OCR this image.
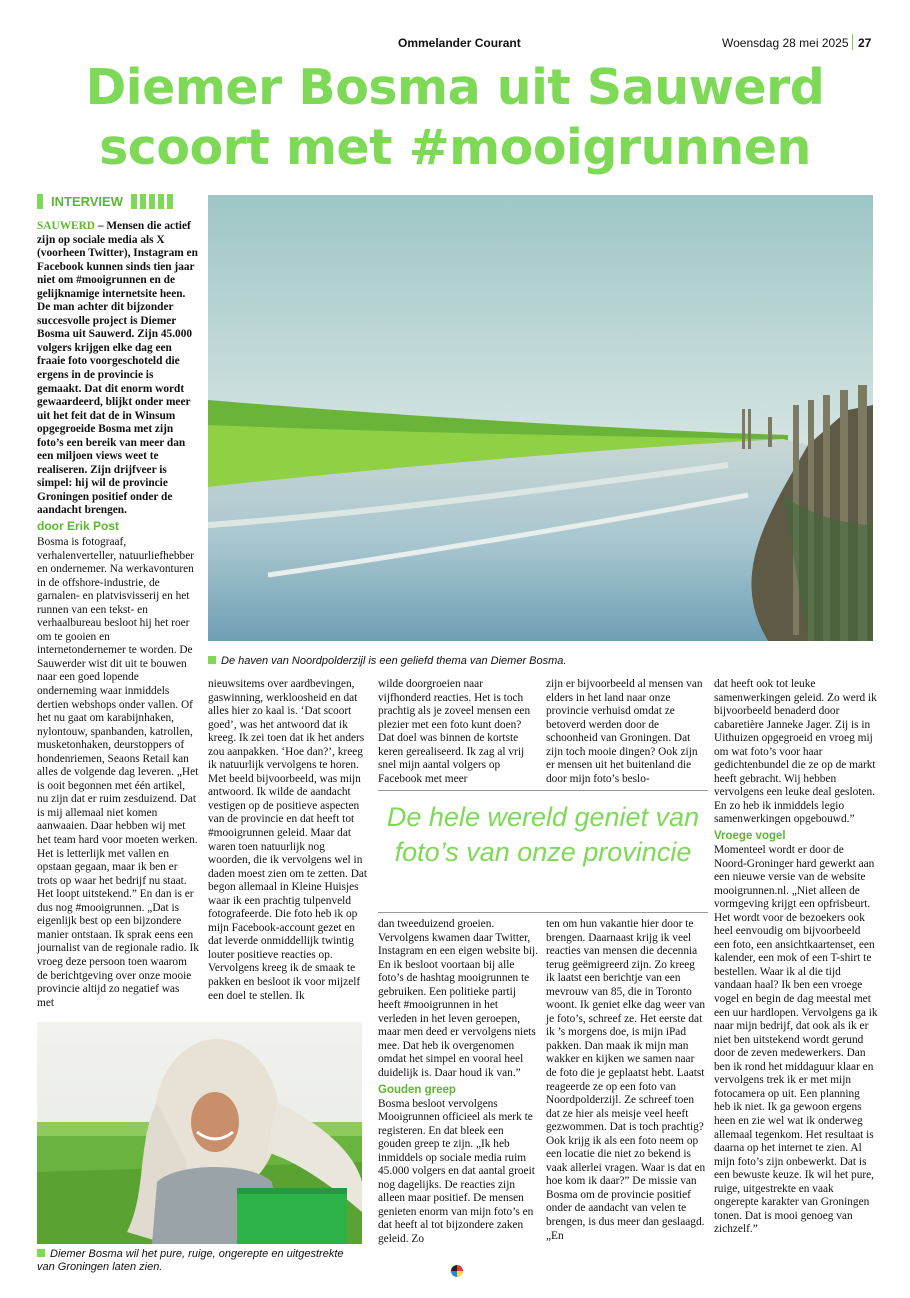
Ommelander Courant	Woensdag 28 mei 2025 27
Diemer Bosma uit Sauwerd
scoort met #mooigrunnen
INTERVIEW
SAUWERD – Mensen die actief zijn op sociale media als X (voorheen Twitter), Instagram en Facebook kunnen sinds tien jaar niet om #mooigrunnen en de gelijknamige internetsite heen. De man achter dit bijzonder succesvolle project is Diemer Bosma uit Sauwerd. Zijn 45.000 volgers krijgen elke dag een fraaie foto voorgeschoteld die ergens in de provincie is gemaakt. Dat dit enorm wordt gewaardeerd, blijkt onder meer uit het feit dat de in Winsum opgegroeide Bosma met zijn foto’s een bereik van meer dan een miljoen views weet te realiseren. Zijn drijfveer is simpel: hij wil de provincie Groningen positief onder de aandacht brengen.
door Erik Post

Bosma is fotograaf, verhalenverteller, natuurliefhebber en ondernemer. Na werkavonturen in de offshore-industrie, de garnalen- en platvisvisserij en het runnen van een tekst- en verhaalbureau besloot hij het roer om te gooien en internetondernemer te worden. De Sauwerder wist dit uit te bouwen naar een goed lopende onderneming waar inmiddels dertien webshops onder vallen. Of het nu gaat om karabijnhaken, nylontouw, spanbanden, katrollen, musketonhaken, deurstoppers of hondenriemen, Seaons Retail kan alles de volgende dag leveren. „Het is ooit begonnen met één artikel, nu zijn dat er ruim zesduizend. Dat is mij allemaal niet komen aanwaaien. Daar hebben wij met het team hard voor moeten werken. Het is letterlijk met vallen en opstaan gegaan, maar ik ben er trots op waar het bedrijf nu staat. Het loopt uitstekend.” En dan is er dus nog #mooigrunnen. „Dat is eigenlijk best op een bijzondere manier ontstaan. Ik sprak eens een journalist van de regionale radio. Ik vroeg deze persoon toen waarom de berichtgeving over onze mooie provincie altijd zo negatief was met

De haven van Noordpolderzijl is een geliefd thema van Diemer Bosma.

nieuwsitems over aardbevingen, gaswinning, werkloosheid en dat alles hier zo kaal is. ‘Dat scoort goed’, was het antwoord dat ik kreeg. Ik zei toen dat ik het anders zou aanpakken. ‘Hoe dan?’, kreeg ik natuurlijk vervolgens te horen. Met beeld bijvoorbeeld, was mijn antwoord. Ik wilde de aandacht vestigen op de positieve aspecten van de provincie en dat heeft tot #mooigrunnen geleid. Maar dat waren toen natuurlijk nog woorden, die ik vervolgens wel in daden moest zien om te zetten. Dat begon allemaal in Kleine Huisjes waar ik een prachtig tulpenveld fotografeerde. Die foto heb ik op mijn Facebook-account gezet en dat leverde onmiddellijk twintig louter positieve reacties op. Vervolgens kreeg ik de smaak te pakken en besloot ik voor mijzelf een doel te stellen. Ik

wilde doorgroeien naar vijfhonderd reacties. Het is toch prachtig als je zoveel mensen een plezier met een foto kunt doen? Dat doel was binnen de kortste keren gerealiseerd. Ik zag al vrij snel mijn aantal volgers op Facebook met meer

zijn er bijvoorbeeld al mensen van elders in het land naar onze provincie verhuisd omdat ze betoverd werden door de schoonheid van Groningen. Dat zijn toch mooie dingen? Ook zijn er mensen uit het buitenland die door mijn foto’s beslo-

De hele wereld geniet van foto’s van onze provincie

dan tweeduizend groeien. Vervolgens kwamen daar Twitter, Instagram en een eigen website bij. En ik besloot voortaan bij alle foto’s de hashtag mooigrunnen te gebruiken. Een politieke partij heeft #mooigrunnen in het verleden in het leven geroepen, maar men deed er vervolgens niets mee. Dat heb ik overgenomen omdat het simpel en vooral heel duidelijk is. Daar houd ik van.”

Gouden greep

Bosma besloot vervolgens Mooigrunnen officieel als merk te registeren. En dat bleek een gouden greep te zijn. „Ik heb inmiddels op sociale media ruim 45.000 volgers en dat aantal groeit nog dagelijks. De reacties zijn alleen maar positief. De mensen genieten enorm van mijn foto’s en dat heeft al tot bijzondere zaken geleid. Zo

ten om hun vakantie hier door te brengen. Daarnaast krijg ik veel reacties van mensen die decennia terug geëmigreerd zijn. Zo kreeg ik laatst een berichtje van een mevrouw van 85, die in Toronto woont. Ik geniet elke dag weer van je foto’s, schreef ze. Het eerste dat ik ’s morgens doe, is mijn iPad pakken. Dan maak ik mijn man wakker en kijken we samen naar de foto die je geplaatst hebt. Laatst reageerde ze op een foto van Noordpolderzijl. Ze schreef toen dat ze hier als meisje veel heeft gezwommen. Dat is toch prachtig? Ook krijg ik als een foto neem op een locatie die niet zo bekend is vaak allerlei vragen. Waar is dat en hoe kom ik daar?” De missie van Bosma om de provincie positief onder de aandacht van velen te brengen, is dus meer dan geslaagd. „En

dat heeft ook tot leuke samenwerkingen geleid. Zo werd ik bijvoorbeeld benaderd door cabaretière Janneke Jager. Zij is in Uithuizen opgegroeid en vroeg mij om wat foto’s voor haar gedichtenbundel die ze op de markt heeft gebracht. Wij hebben vervolgens een leuke deal gesloten. En zo heb ik inmiddels legio samenwerkingen opgebouwd.”

Vroege vogel

Momenteel wordt er door de Noord-Groninger hard gewerkt aan een nieuwe versie van de website mooigrunnen.nl. „Niet alleen de vormgeving krijgt een opfrisbeurt. Het wordt voor de bezoekers ook heel eenvoudig om bijvoorbeeld een foto, een ansichtkaartenset, een kalender, een mok of een T-shirt te bestellen. Waar ik al die tijd vandaan haal? Ik ben een vroege vogel en begin de dag meestal met een uur hardlopen. Vervolgens ga ik naar mijn bedrijf, dat ook als ik er niet ben uitstekend wordt gerund door de zeven medewerkers. Dan ben ik rond het middaguur klaar en vervolgens trek ik er met mijn fotocamera op uit. Een planning heb ik niet. Ik ga gewoon ergens heen en zie wel wat ik onderweg allemaal tegenkom. Het resultaat is daarna op het internet te zien. Al mijn foto’s zijn onbewerkt. Dat is een bewuste keuze. Ik wil het pure, ruige, uitgestrekte en vaak ongerepte karakter van Groningen tonen. Dat is mooi genoeg van zichzelf.”

Diemer Bosma wil het pure, ruige, ongerepte en uitgestrekte van Groningen laten zien.
